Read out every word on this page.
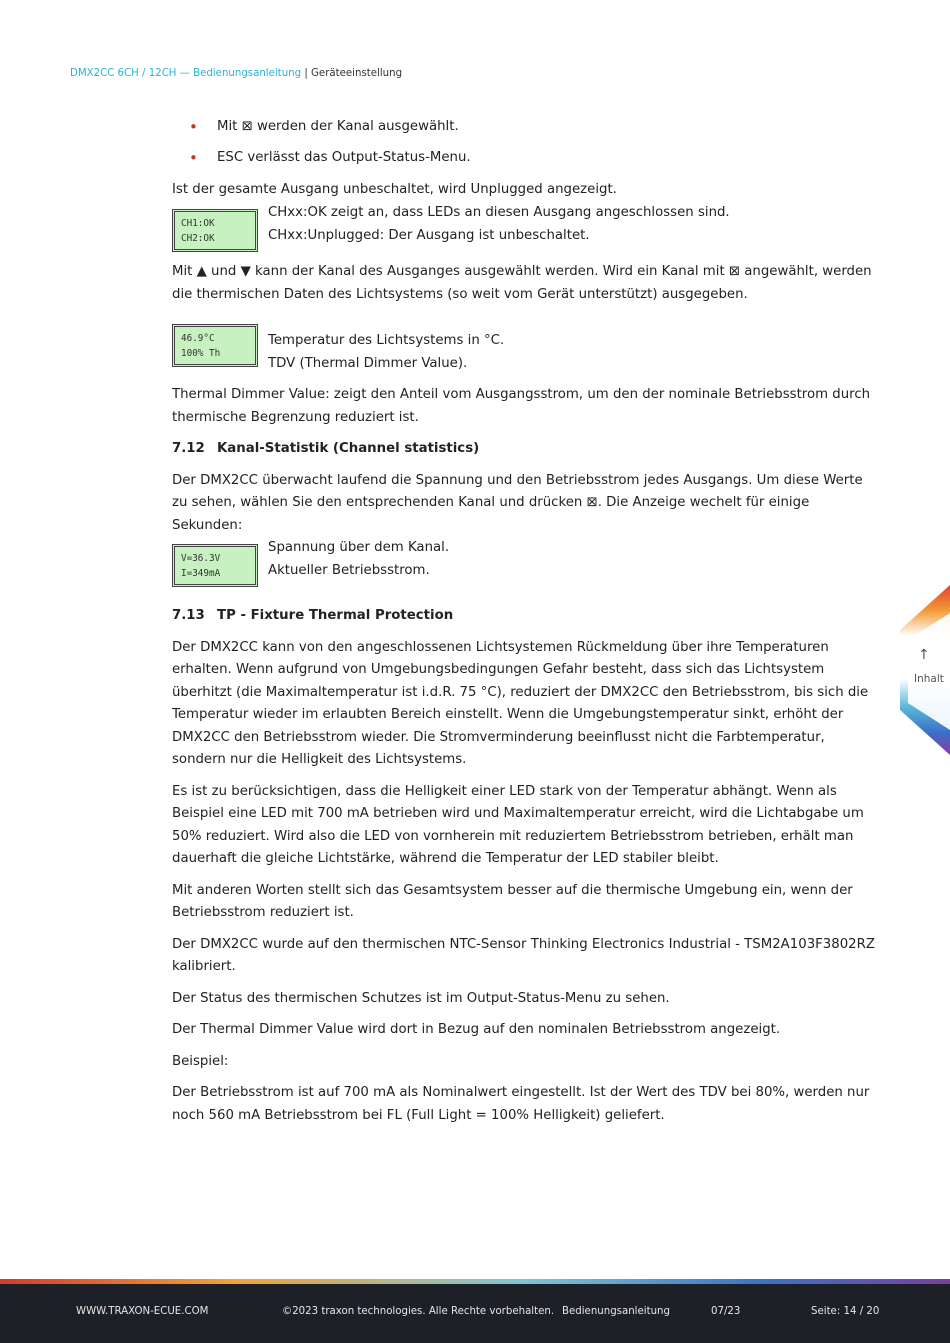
DMX2CC 6CH / 12CH — Bedienungsanleitung | Geräteeinstellung
• Mit ⊠ werden der Kanal ausgewählt.
• ESC verlässt das Output-Status-Menu.

Ist der gesamte Ausgang unbeschaltet, wird Unplugged angezeigt.

CH1:OK
CH2:OK

CHxx:OK zeigt an, dass LEDs an diesen Ausgang angeschlossen sind.

CHxx:Unplugged: Der Ausgang ist unbeschaltet.

Mit ▲ und ▼ kann der Kanal des Ausganges ausgewählt werden. Wird ein Kanal mit ⊠ angewählt, werden die thermischen Daten des Lichtsystems (so weit vom Gerät unterstützt) ausgegeben.

46.9°C
100% Th

Temperatur des Lichtsystems in °C.

TDV (Thermal Dimmer Value).

Thermal Dimmer Value: zeigt den Anteil vom Ausgangsstrom, um den der nominale Betriebsstrom durch thermische Begrenzung reduziert ist.

7.12 Kanal-Statistik (Channel statistics)

Der DMX2CC überwacht laufend die Spannung und den Betriebsstrom jedes Ausgangs. Um diese Werte zu sehen, wählen Sie den entsprechenden Kanal und drücken ⊠. Die Anzeige wechelt für einige Sekunden:

V=36.3V
I=349mA

Spannung über dem Kanal.

Aktueller Betriebsstrom.

7.13 TP - Fixture Thermal Protection

Der DMX2CC kann von den angeschlossenen Lichtsystemen Rückmeldung über ihre Temperaturen erhalten. Wenn aufgrund von Umgebungsbedingungen Gefahr besteht, dass sich das Lichtsystem überhitzt (die Maximaltemperatur ist i.d.R. 75 °C), reduziert der DMX2CC den Betriebsstrom, bis sich die Temperatur wieder im erlaubten Bereich einstellt. Wenn die Umgebungstemperatur sinkt, erhöht der DMX2CC den Betriebsstrom wieder. Die Stromverminderung beeinflusst nicht die Farbtemperatur, sondern nur die Helligkeit des Lichtsystems.

Es ist zu berücksichtigen, dass die Helligkeit einer LED stark von der Temperatur abhängt. Wenn als Beispiel eine LED mit 700 mA betrieben wird und Maximaltemperatur erreicht, wird die Lichtabgabe um 50% reduziert. Wird also die LED von vornherein mit reduziertem Betriebsstrom betrieben, erhält man dauerhaft die gleiche Lichtstärke, während die Temperatur der LED stabiler bleibt.

Mit anderen Worten stellt sich das Gesamtsystem besser auf die thermische Umgebung ein, wenn der Betriebsstrom reduziert ist.

Der DMX2CC wurde auf den thermischen NTC-Sensor Thinking Electronics Industrial - TSM2A103F3802RZ kalibriert.

Der Status des thermischen Schutzes ist im Output-Status-Menu zu sehen.

Der Thermal Dimmer Value wird dort in Bezug auf den nominalen Betriebsstrom angezeigt.

Beispiel:

Der Betriebsstrom ist auf 700 mA als Nominalwert eingestellt. Ist der Wert des TDV bei 80%, werden nur noch 560 mA Betriebsstrom bei FL (Full Light = 100% Helligkeit) geliefert.

↑
Inhalt
WWW.TRAXON-ECUE.COM	©2023 traxon technologies. Alle Rechte vorbehalten. Bedienungsanleitung	07/23	Seite: 14 / 20
